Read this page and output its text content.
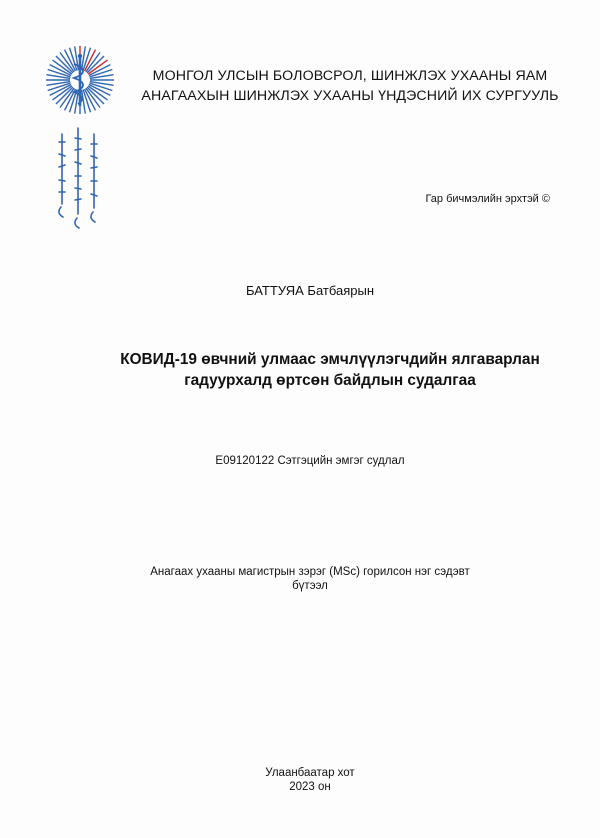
МОНГОЛ УЛСЫН БОЛОВСРОЛ, ШИНЖЛЭХ УХААНЫ ЯАМ
АНАГААХЫН ШИНЖЛЭХ УХААНЫ ҮНДЭСНИЙ ИХ СУРГУУЛЬ
Гар бичмэлийн эрхтэй ©
БАТТУЯА Батбаярын
КОВИД-19 өвчний улмаас эмчлүүлэгчдийн ялгаварлан
гадуурхалд өртсөн байдлын судалгаа
E09120122 Сэтгэцийн эмгэг судлал
Анагаах ухааны магистрын зэрэг (MSc) горилсон нэг сэдэвт
бүтээл
Улаанбаатар хот
2023 он
